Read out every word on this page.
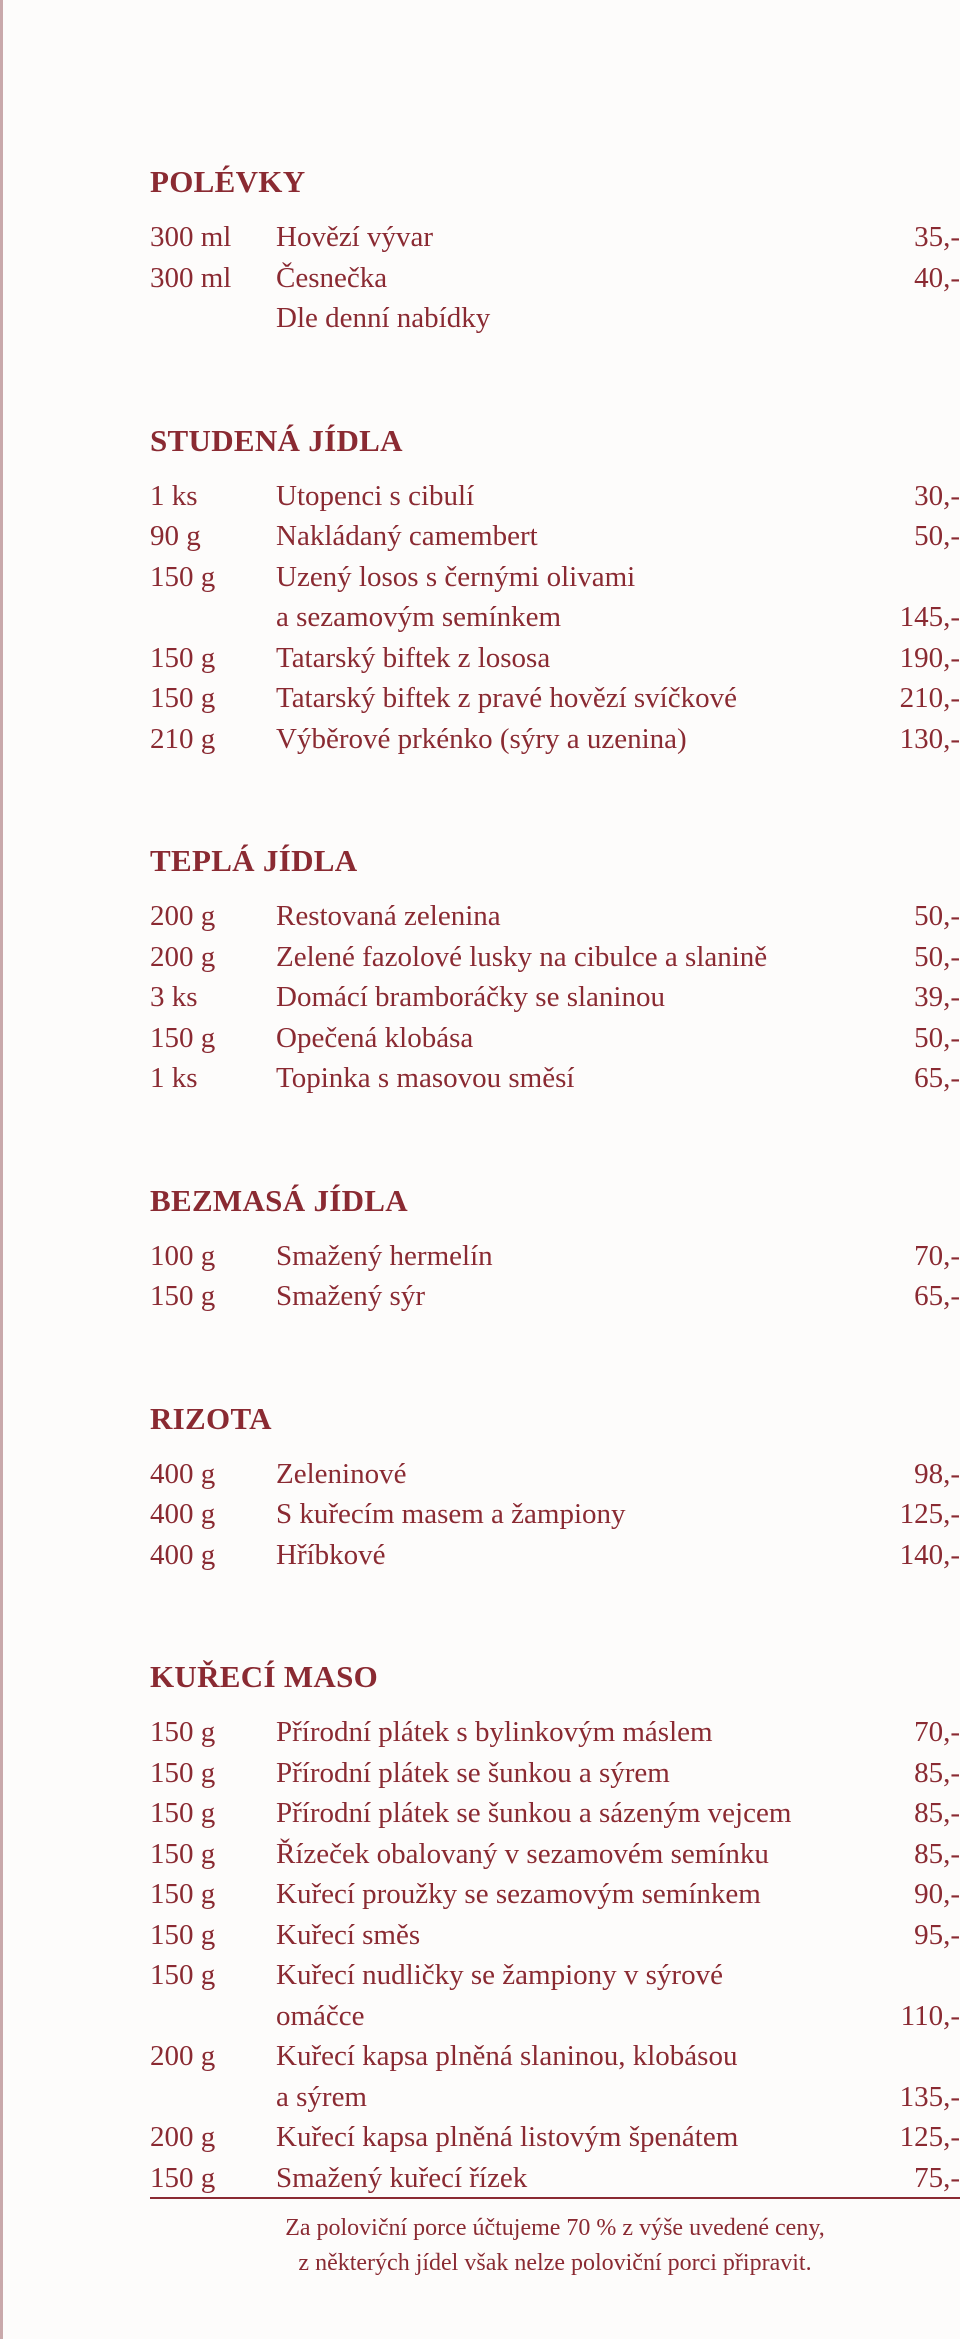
POLÉVKY
300 ml	Hovězí vývar	35,-
300 ml	Česnečka	40,-
Dle denní nabídky
STUDENÁ JÍDLA
1 ks	Utopenci s cibulí	30,-
90 g	Nakládaný camembert	50,-
150 g	Uzený losos s černými olivami
a sezamovým semínkem	145,-
150 g	Tatarský biftek z lososa	190,-
150 g	Tatarský biftek z pravé hovězí svíčkové	210,-
210 g	Výběrové prkénko (sýry a uzenina)	130,-
TEPLÁ JÍDLA
200 g	Restovaná zelenina	50,-
200 g	Zelené fazolové lusky na cibulce a slanině	50,-
3 ks	Domácí bramboráčky se slaninou	39,-
150 g	Opečená klobása	50,-
1 ks	Topinka s masovou směsí	65,-
BEZMASÁ JÍDLA
100 g	Smažený hermelín	70,-
150 g	Smažený sýr	65,-
RIZOTA
400 g	Zeleninové	98,-
400 g	S kuřecím masem a žampiony	125,-
400 g	Hříbkové	140,-
KUŘECÍ MASO
150 g	Přírodní plátek s bylinkovým máslem	70,-
150 g	Přírodní plátek se šunkou a sýrem	85,-
150 g	Přírodní plátek se šunkou a sázeným vejcem	85,-
150 g	Řízeček obalovaný v sezamovém semínku	85,-
150 g	Kuřecí proužky se sezamovým semínkem	90,-
150 g	Kuřecí směs	95,-
150 g	Kuřecí nudličky se žampiony v sýrové
omáčce	110,-
200 g	Kuřecí kapsa plněná slaninou, klobásou
a sýrem	135,-
200 g	Kuřecí kapsa plněná listovým špenátem	125,-
150 g	Smažený kuřecí řízek	75,-
Za poloviční porce účtujeme 70 % z výše uvedené ceny,
z některých jídel však nelze poloviční porci připravit.
